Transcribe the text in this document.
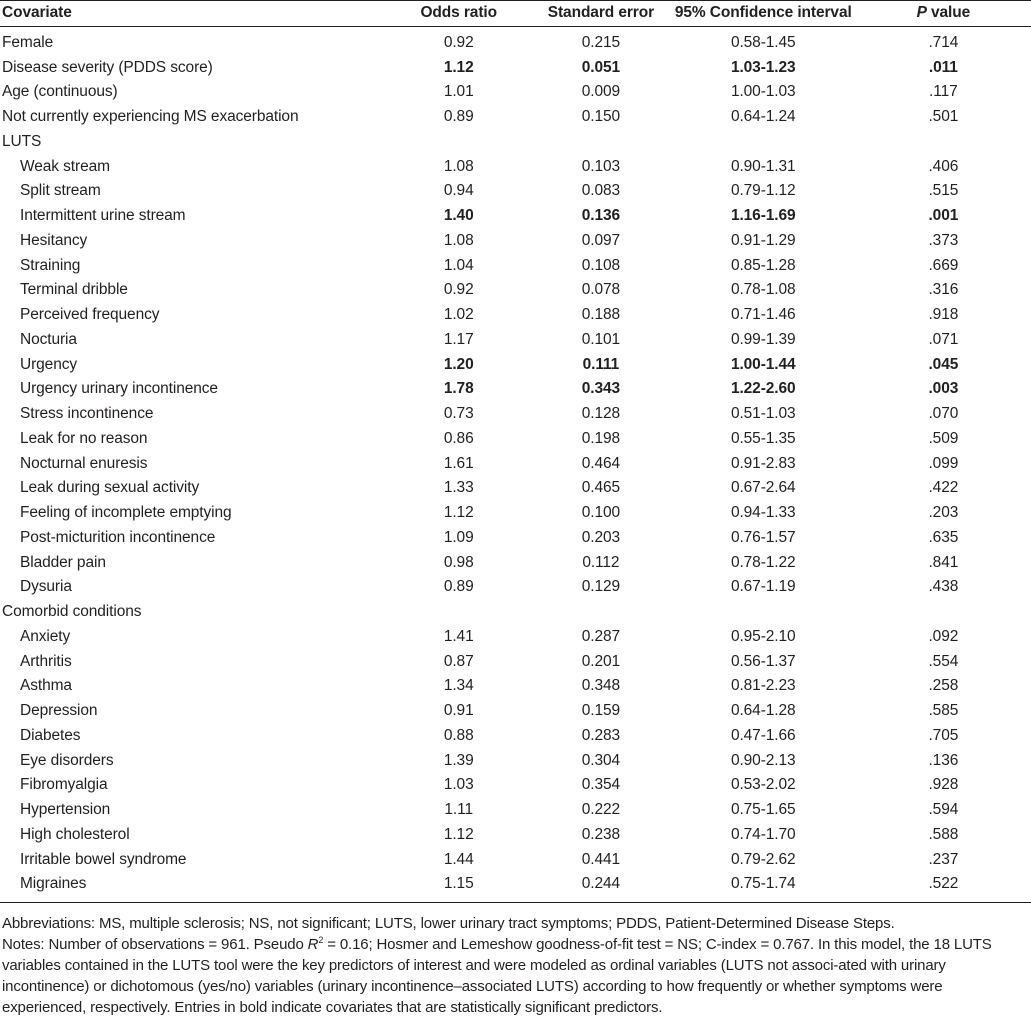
Covariate	Odds ratio	Standard error	95% Confidence interval	P value
Female	0.92	0.215	0.58-1.45	.714
Disease severity (PDDS score)	1.12	0.051	1.03-1.23	.011
Age (continuous)	1.01	0.009	1.00-1.03	.117
Not currently experiencing MS exacerbation	0.89	0.150	0.64-1.24	.501
LUTS				
Weak stream	1.08	0.103	0.90-1.31	.406
Split stream	0.94	0.083	0.79-1.12	.515
Intermittent urine stream	1.40	0.136	1.16-1.69	.001
Hesitancy	1.08	0.097	0.91-1.29	.373
Straining	1.04	0.108	0.85-1.28	.669
Terminal dribble	0.92	0.078	0.78-1.08	.316
Perceived frequency	1.02	0.188	0.71-1.46	.918
Nocturia	1.17	0.101	0.99-1.39	.071
Urgency	1.20	0.111	1.00-1.44	.045
Urgency urinary incontinence	1.78	0.343	1.22-2.60	.003
Stress incontinence	0.73	0.128	0.51-1.03	.070
Leak for no reason	0.86	0.198	0.55-1.35	.509
Nocturnal enuresis	1.61	0.464	0.91-2.83	.099
Leak during sexual activity	1.33	0.465	0.67-2.64	.422
Feeling of incomplete emptying	1.12	0.100	0.94-1.33	.203
Post-micturition incontinence	1.09	0.203	0.76-1.57	.635
Bladder pain	0.98	0.112	0.78-1.22	.841
Dysuria	0.89	0.129	0.67-1.19	.438
Comorbid conditions				
Anxiety	1.41	0.287	0.95-2.10	.092
Arthritis	0.87	0.201	0.56-1.37	.554
Asthma	1.34	0.348	0.81-2.23	.258
Depression	0.91	0.159	0.64-1.28	.585
Diabetes	0.88	0.283	0.47-1.66	.705
Eye disorders	1.39	0.304	0.90-2.13	.136
Fibromyalgia	1.03	0.354	0.53-2.02	.928
Hypertension	1.11	0.222	0.75-1.65	.594
High cholesterol	1.12	0.238	0.74-1.70	.588
Irritable bowel syndrome	1.44	0.441	0.79-2.62	.237
Migraines	1.15	0.244	0.75-1.74	.522

Abbreviations: MS, multiple sclerosis; NS, not significant; LUTS, lower urinary tract symptoms; PDDS, Patient-Determined Disease Steps.

Notes: Number of observations = 961. Pseudo $R^2 = 0.16$; Hosmer and Lemeshow goodness-of-fit test = NS; C-index = 0.767. In this model, the 18 LUTS variables contained in the LUTS tool were the key predictors of interest and were modeled as ordinal variables (LUTS not associ-ated with urinary incontinence) or dichotomous (yes/no) variables (urinary incontinence–associated LUTS) according to how frequently or whether symptoms were experienced, respectively. Entries in bold indicate covariates that are statistically significant predictors.
